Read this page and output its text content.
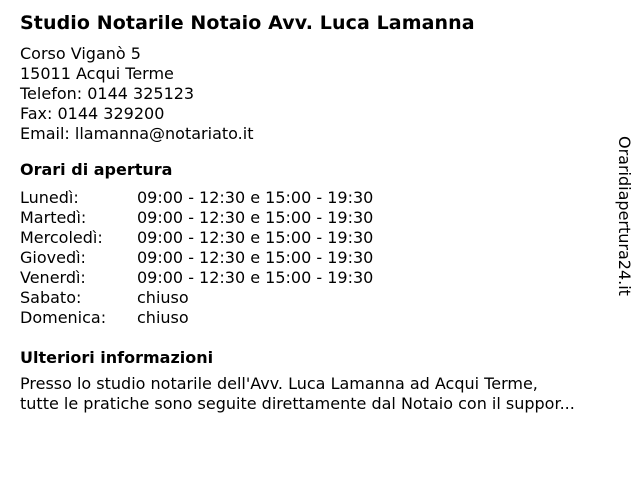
Studio Notarile Notaio Avv. Luca Lamanna
Corso Viganò 5
15011 Acqui Terme
Telefon: 0144 325123
Fax: 0144 329200
Email: llamanna@notariato.it
Orari di apertura
Lunedì:	09:00 - 12:30 e 15:00 - 19:30
Martedì:	09:00 - 12:30 e 15:00 - 19:30
Mercoledì:	09:00 - 12:30 e 15:00 - 19:30
Giovedì:	09:00 - 12:30 e 15:00 - 19:30
Venerdì:	09:00 - 12:30 e 15:00 - 19:30
Sabato:	chiuso
Domenica:	chiuso
Ulteriori informazioni
Presso lo studio notarile dell'Avv. Luca Lamanna ad Acqui Terme,
tutte le pratiche sono seguite direttamente dal Notaio con il suppor...
Oraridiapertura24.it
